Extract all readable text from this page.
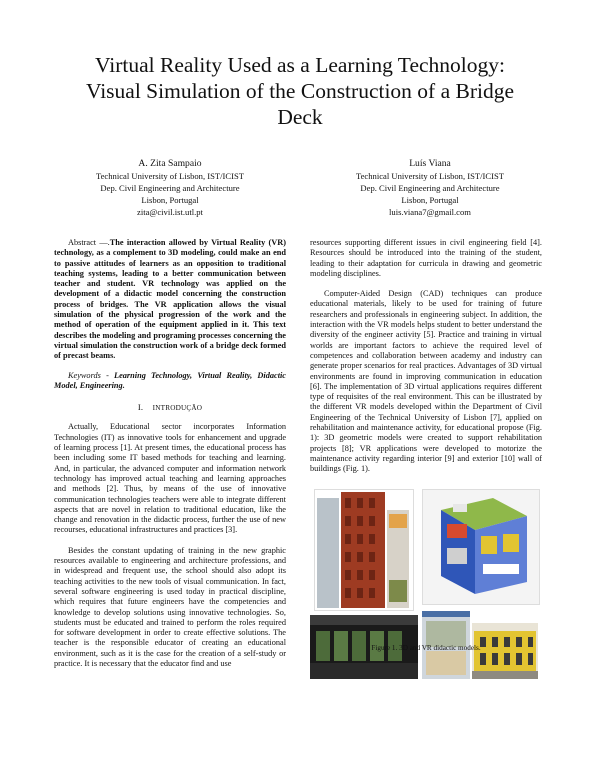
Virtual Reality Used as a Learning Technology:
Visual Simulation of the Construction of a Bridge
Deck
A. Zita Sampaio
Technical University of Lisbon, IST/ICIST
Dep. Civil Engineering and Architecture
Lisbon, Portugal
zita@civil.ist.utl.pt
Luís Viana
Technical University of Lisbon, IST/ICIST
Dep. Civil Engineering and Architecture
Lisbon, Portugal
luis.viana7@gmail.com

Abstract —.The interaction allowed by Virtual Reality (VR) technology, as a complement to 3D modeling, could make an end to passive attitudes of learners as an opposition to traditional teaching systems, leading to a better communication between teacher and student. VR technology was applied on the development of a didactic model concerning the construction process of bridges. The VR application allows the visual simulation of the physical progression of the work and the method of operation of the equipment applied in it. This text describes the modeling and programing processes concerning the virtual simulation the construction work of a bridge deck formed of precast beams.

Keywords - Learning Technology, Virtual Reality, Didactic Model, Engineering.

I. INTRODUÇÃO

Actually, Educational sector incorporates Information Technologies (IT) as innovative tools for enhancement and upgrade of learning process [1]. At present times, the educational process has been including some IT based methods for teaching and learning. And, in particular, the advanced computer and information network technology has improved actual teaching and learning approaches and methods [2]. Thus, by means of the use of innovative communication technologies teachers were able to integrate different aspects that are novel in relation to traditional education, like the change and renovation in the didactic process, further the use of new recourses, educational infrastructures and practices [3].

Besides the constant updating of training in the new graphic resources available to engineering and architecture professions, and in widespread and frequent use, the school should also adopt its teaching activities to the new tools of visual communication. In fact, several software engineering is used today in practical discipline, which requires that future engineers have the competencies and knowledge to develop solutions using innovative technologies. So, students must be educated and trained to perform the roles required for software development in order to create effective solutions. The teacher is the responsible educator of creating an educational environment, such as it is the case for the creation of a self-study or practice. It is necessary that the educator find and use

resources supporting different issues in civil engineering field [4]. Resources should be introduced into the training of the student, leading to their adaptation for curricula in drawing and geometric modeling disciplines.

Computer-Aided Design (CAD) techniques can produce educational materials, likely to be used for training of future researchers and professionals in engineering subject. In addition, the interaction with the VR models helps student to better understand the diversity of the engineer activity [5]. Practice and training in virtual worlds are important factors to achieve the required level of competences and collaboration between academy and industry can generate proper scenarios for real practices. Advantages of 3D virtual environments are found in improving communication in education [6]. The implementation of 3D virtual applications requires different type of requisites of the real environment. This can be illustrated by the different VR models developed within the Department of Civil Engineering of the Technical University of Lisbon [7], applied on rehabilitation and maintenance activity, for educational propose (Fig. 1): 3D geometric models were created to support rehabilitation projects [8]; VR applications were developed to motorize the maintenance activity regarding interior [9] and exterior [10] wall of buildings (Fig. 1).

Figure 1. 3D and VR didactic models.
